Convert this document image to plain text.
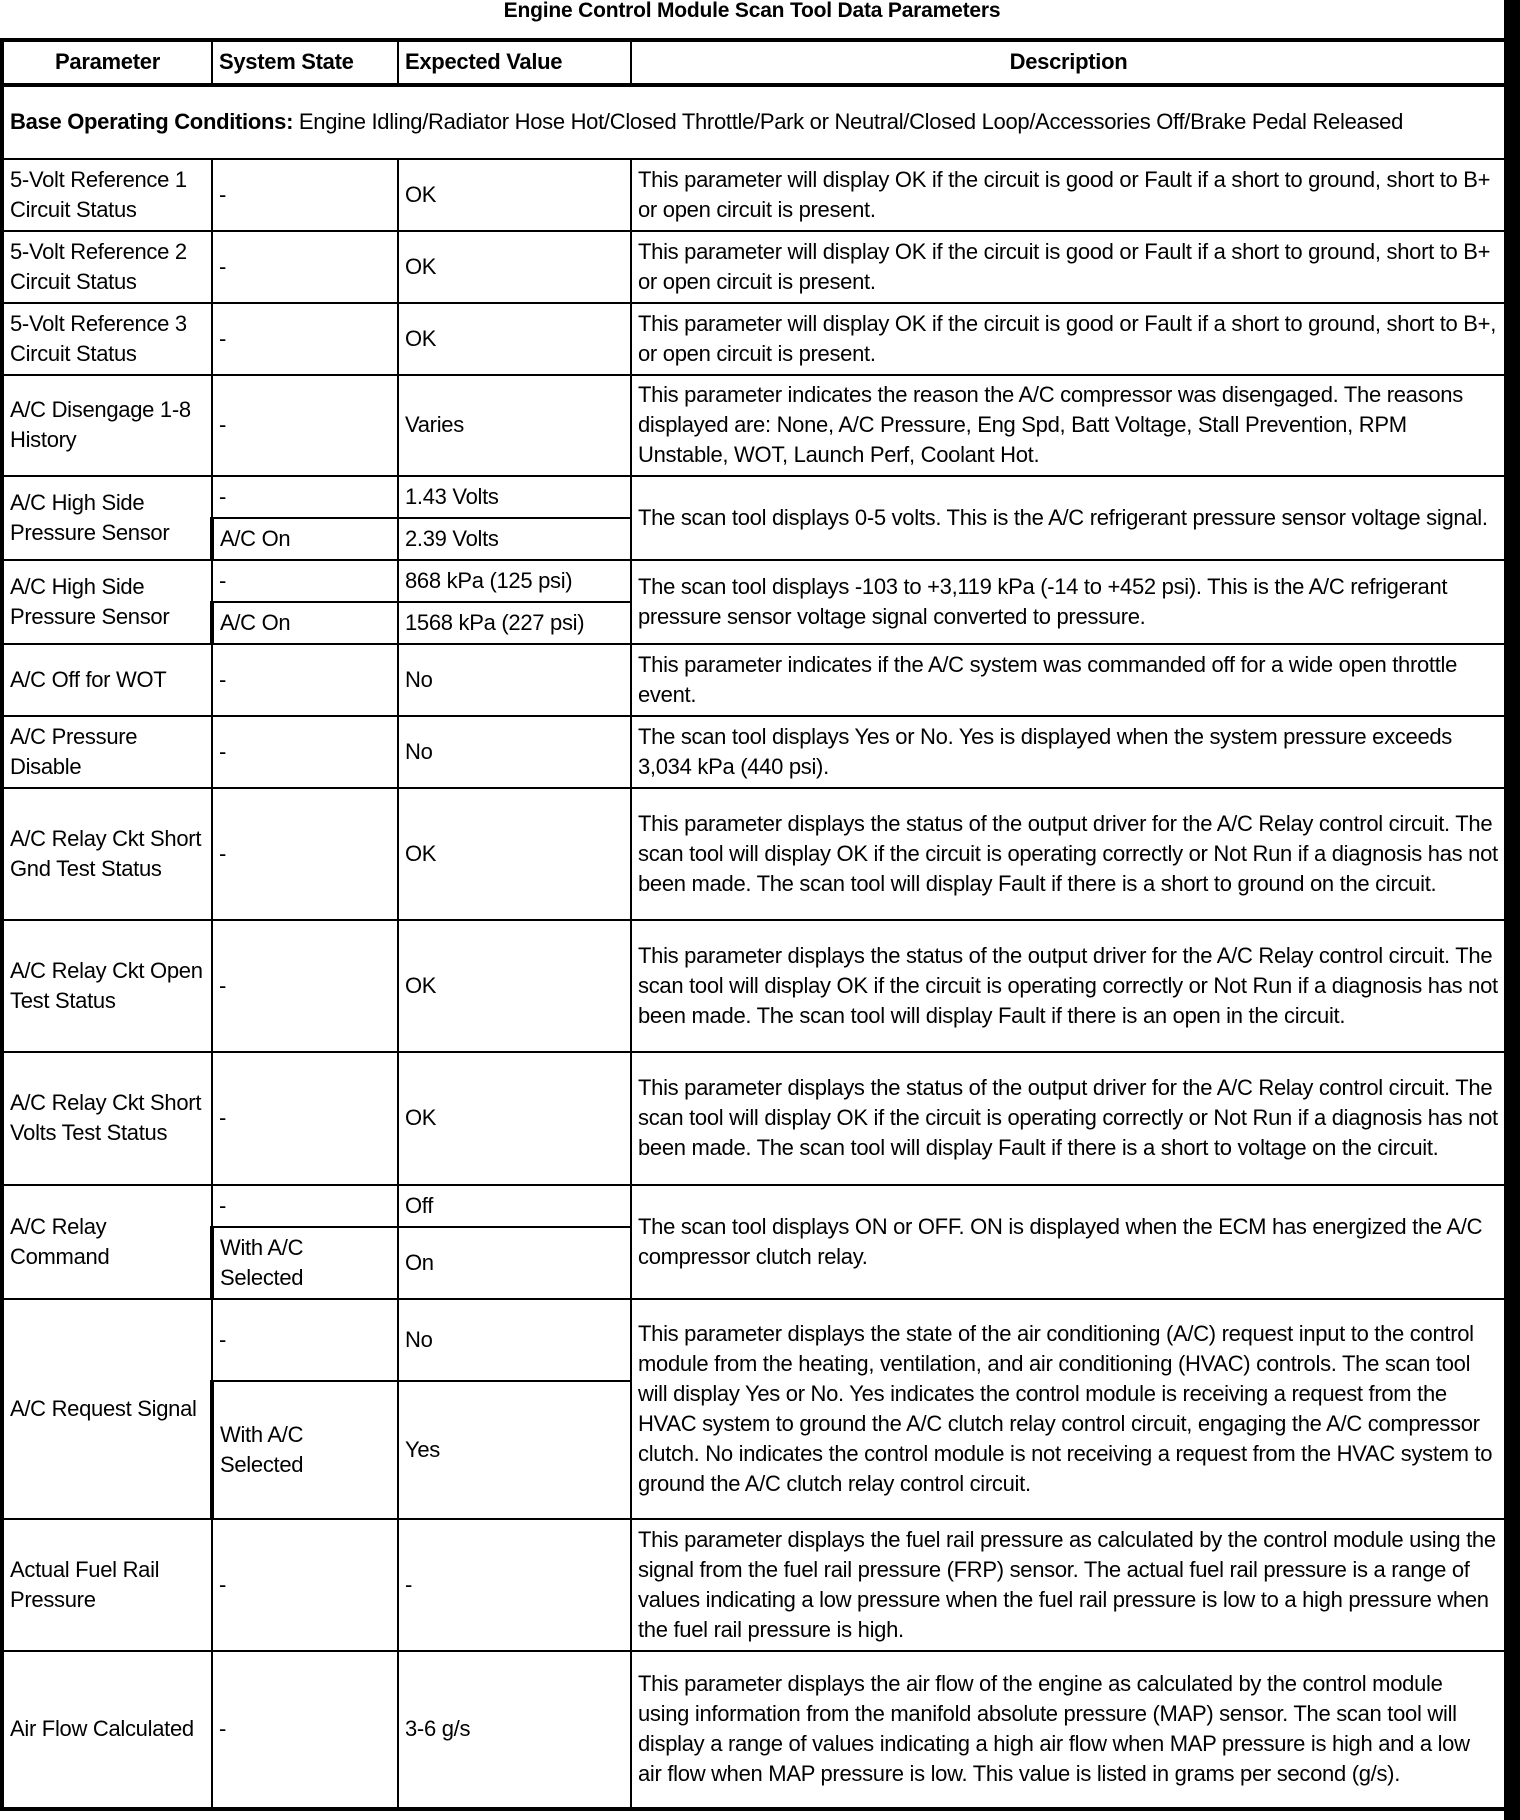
Engine Control Module Scan Tool Data Parameters
Parameter	System State	Expected Value	Description
Base Operating Conditions: Engine Idling/Radiator Hose Hot/Closed Throttle/Park or Neutral/Closed Loop/Accessories Off/Brake Pedal Released			
5-Volt Reference 1 Circuit Status	-	OK	This parameter will display OK if the circuit is good or Fault if a short to ground, short to B+ or open circuit is present.
5-Volt Reference 2 Circuit Status	-	OK	This parameter will display OK if the circuit is good or Fault if a short to ground, short to B+ or open circuit is present.
5-Volt Reference 3 Circuit Status	-	OK	This parameter will display OK if the circuit is good or Fault if a short to ground, short to B+, or open circuit is present.
A/C Disengage 1-8 History	-	Varies	This parameter indicates the reason the A/C compressor was disengaged. The reasons displayed are: None, A/C Pressure, Eng Spd, Batt Voltage, Stall Prevention, RPM Unstable, WOT, Launch Perf, Coolant Hot.
A/C High Side Pressure Sensor	-	1.43 Volts	The scan tool displays 0-5 volts. This is the A/C refrigerant pressure sensor voltage signal.
	A/C On	2.39 Volts	
A/C High Side Pressure Sensor	-	868 kPa (125 psi)	The scan tool displays -103 to +3,119 kPa (-14 to +452 psi). This is the A/C refrigerant pressure sensor voltage signal converted to pressure.
	A/C On	1568 kPa (227 psi)	
A/C Off for WOT	-	No	This parameter indicates if the A/C system was commanded off for a wide open throttle event.
A/C Pressure Disable	-	No	The scan tool displays Yes or No. Yes is displayed when the system pressure exceeds 3,034 kPa (440 psi).
A/C Relay Ckt Short Gnd Test Status	-	OK	This parameter displays the status of the output driver for the A/C Relay control circuit. The scan tool will display OK if the circuit is operating correctly or Not Run if a diagnosis has not been made. The scan tool will display Fault if there is a short to ground on the circuit.
A/C Relay Ckt Open Test Status	-	OK	This parameter displays the status of the output driver for the A/C Relay control circuit. The scan tool will display OK if the circuit is operating correctly or Not Run if a diagnosis has not been made. The scan tool will display Fault if there is an open in the circuit.
A/C Relay Ckt Short Volts Test Status	-	OK	This parameter displays the status of the output driver for the A/C Relay control circuit. The scan tool will display OK if the circuit is operating correctly or Not Run if a diagnosis has not been made. The scan tool will display Fault if there is a short to voltage on the circuit.
A/C Relay Command	-	Off	The scan tool displays ON or OFF. ON is displayed when the ECM has energized the A/C compressor clutch relay.
	With A/C Selected	On	
A/C Request Signal	-	No	This parameter displays the state of the air conditioning (A/C) request input to the control module from the heating, ventilation, and air conditioning (HVAC) controls. The scan tool will display Yes or No. Yes indicates the control module is receiving a request from the HVAC system to ground the A/C clutch relay control circuit, engaging the A/C compressor clutch. No indicates the control module is not receiving a request from the HVAC system to ground the A/C clutch relay control circuit.
	With A/C Selected	Yes	
Actual Fuel Rail Pressure	-	-	This parameter displays the fuel rail pressure as calculated by the control module using the signal from the fuel rail pressure (FRP) sensor. The actual fuel rail pressure is a range of values indicating a low pressure when the fuel rail pressure is low to a high pressure when the fuel rail pressure is high.
Air Flow Calculated	-	3-6 g/s	This parameter displays the air flow of the engine as calculated by the control module using information from the manifold absolute pressure (MAP) sensor. The scan tool will display a range of values indicating a high air flow when MAP pressure is high and a low air flow when MAP pressure is low. This value is listed in grams per second (g/s).
